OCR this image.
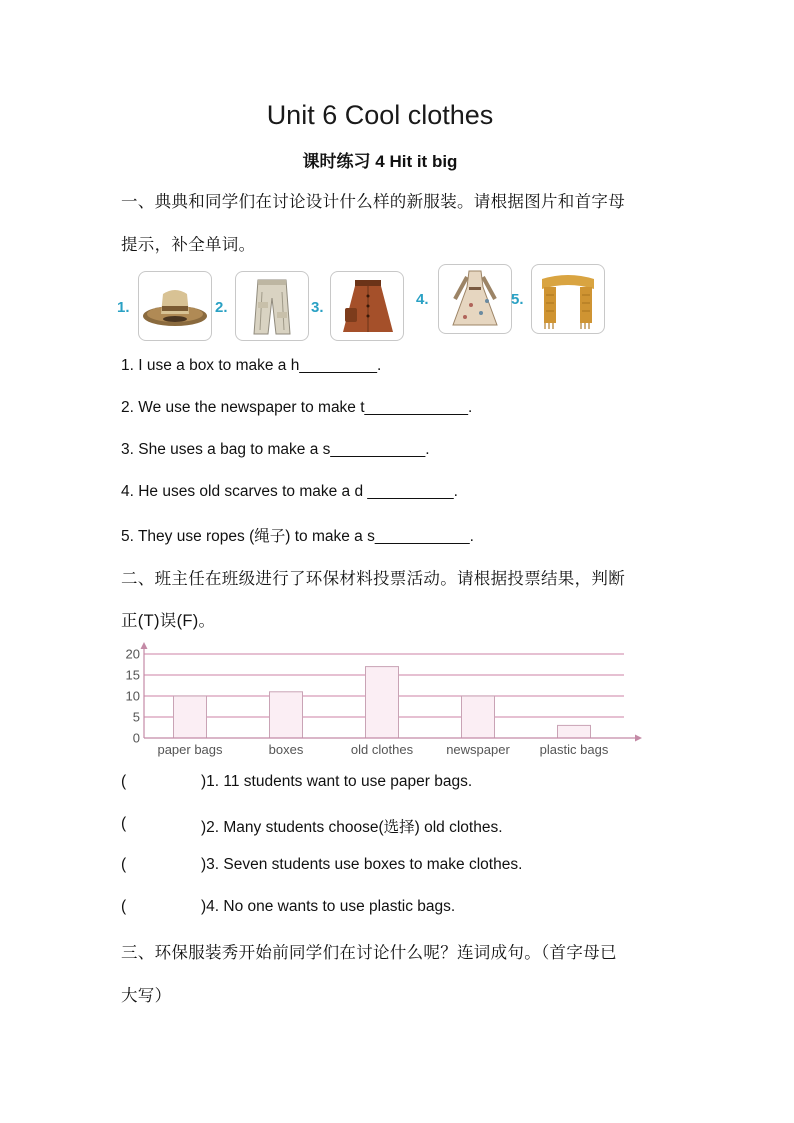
Unit 6 Cool clothes
课时练习 4 Hit it big
一、典典和同学们在讨论设计什么样的新服装。请根据图片和首字母
提示，补全单词。
1.	2.	3.	4.	5.
1. I use a box to make a h_________.
2. We use the newspaper to make t____________.
3. She uses a bag to make a s___________.
4. He uses old scarves to make a d __________.
5. They use ropes (绳子) to make a s___________.
二、班主任在班级进行了环保材料投票活动。请根据投票结果，判断
正(T)误(F)。
0
5
10
15
20
paper bags	boxes	old clothes	newspaper plastic bags
(	)1. 11 students want to use paper bags.
(	)2. Many students choose(选择) old clothes.
(	)3. Seven students use boxes to make clothes.
(	)4. No one wants to use plastic bags.
三、环保服装秀开始前同学们在讨论什么呢？连词成句。（首字母已
大写）
